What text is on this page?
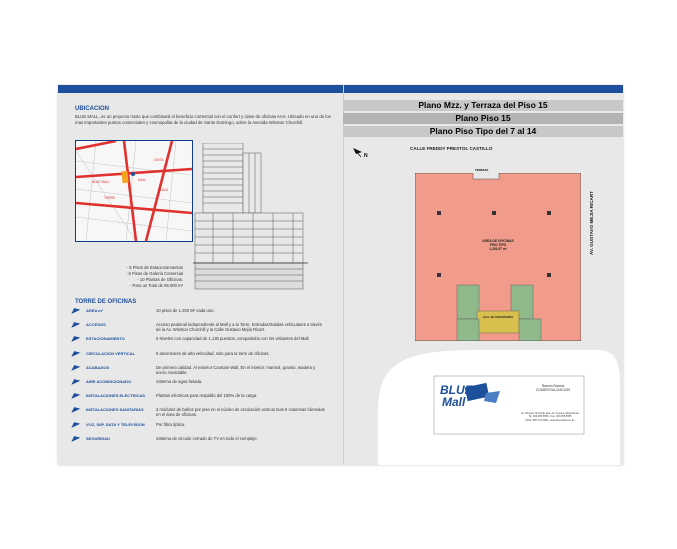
UBICACION
BLUE MALL, es un proyecto mixto que combinará el beneficio comercial con el confort y clase de oficinas AAA. Ubicado en uno de los mas importantes puntos comerciales y cosmopolita de la ciudad de Santo Domingo, sobre la Avenida Winston Churchill.
BLUE MALL
TORRE
CINTA
PLAZA
MALL
- 5 Pisos de Estacionamientos
- 6 Pisos de Galería Comercial
- 10 Plantas de Oficinas.
- Para un Total de 95.000 m²
TORRE DE OFICINAS
AREA m²	10 pisos de 1.200 M² cada uno.
ACCESOS	Acceso peatonal independiente al Mall y a la Torre. Entradas/Salidas vehiculares a través de la Av. Winston Churchill y la Calle Gustavo Mejía Ricart.
ESTACIONAMIENTO	5 Niveles con capacidad de 1.130 puestos, compartidos con los visitantes del Mall.
CIRCULACION VERTICAL	6 ascensores de alta velocidad, solo para la torre de oficinas.
ACABADOS	De primera calidad. Al exterior Courtain Wall, En el interior: marmol, granito, madera y acero inoxidable.
AIRE ACONDICIONADO	Sistema de agua helada.
INSTALACIONES ELECTRICAS	Plantas eléctricas para respaldo del 100% de la carga.
INSTALACIONES SANITARIAS	2 módulos de baños por piso en el núcleo de circulación vertical mas 6 columnas húmedas en el área de oficinas.
VOZ, S/IP, DATA Y TELEVISION	Por fibra óptica.
SEGURIDAD	Sistema de circuito cerrado de TV en todo el complejo.
Plano Mzz. y Terraza del Piso 15
Plano Piso 15
Plano Piso Tipo del 7 al 14
N
CALLE FREDDY PRESTOL CASTILLO
AV. GUSTAVO MEJIA RICART
TERRAZA
AREA DE OFICINAS
PISO TIPO
1,203,57 m²
HALL DE ASCENSORES
BLUE
Mall
Ramón Ramos
COMERCIALIZACION
Av. Winston Churchill, Esq. Av. Gustavo Mejía Ricart
Tel. 809.955.5555 • Fax. 809.955.5555
Móvil: 809.707.0000 • www.bluemall.com.do
